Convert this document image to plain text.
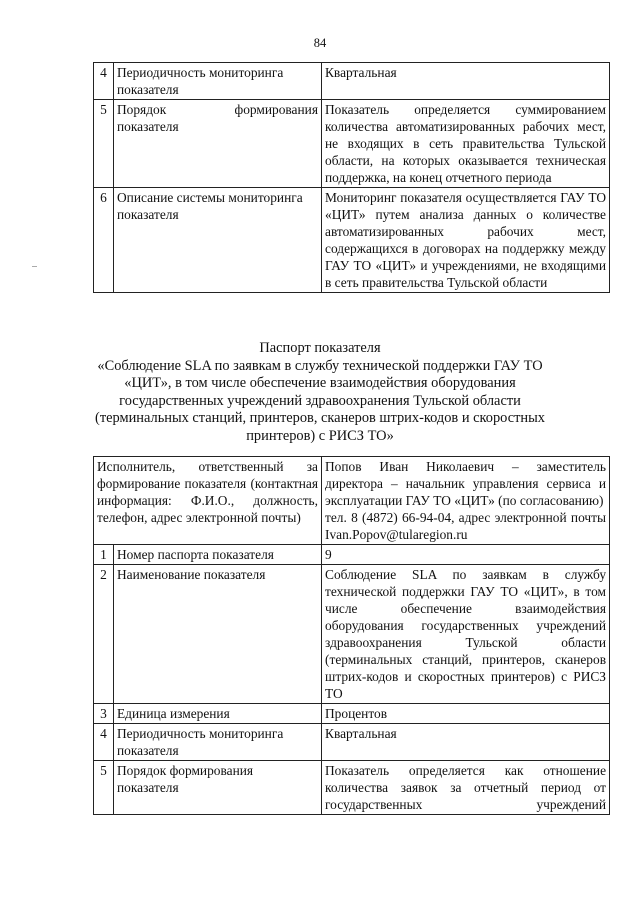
84
4	Периодичность мониторинга показателя	Квартальная
5	Порядок формирования показателя	Показатель определяется суммированием количества автоматизированных рабочих мест, не входящих в сеть правительства Тульской области, на которых оказывается техническая поддержка, на конец отчетного периода
6	Описание системы мониторинга показателя	Мониторинг показателя осуществляется ГАУ ТО «ЦИТ» путем анализа данных о количестве автоматизированных рабочих мест, содержащихся в договорах на поддержку между ГАУ ТО «ЦИТ» и учреждениями, не входящими в сеть правительства Тульской области
Паспорт показателя
«Соблюдение SLA по заявкам в службу технической поддержки ГАУ ТО «ЦИТ», в том числе обеспечение взаимодействия оборудования государственных учреждений здравоохранения Тульской области (терминальных станций, принтеров, сканеров штрих-кодов и скоростных принтеров) с РИСЗ ТО»
Исполнитель, ответственный за формирование показателя (контактная информация: Ф.И.О., должность, телефон, адрес электронной почты)		Попов Иван Николаевич – заместитель директора – начальник управления сервиса и эксплуатации ГАУ ТО «ЦИТ» (по согласованию)
тел. 8 (4872) 66-94-04, адрес электронной почты Ivan.Popov@tularegion.ru

1	Номер паспорта показателя	9
2	Наименование показателя	Соблюдение SLA по заявкам в службу технической поддержки ГАУ ТО «ЦИТ», в том числе обеспечение взаимодействия оборудования государственных учреждений здравоохранения Тульской области (терминальных станций, принтеров, сканеров штрих-кодов и скоростных принтеров) с РИСЗ ТО
3	Единица измерения	Процентов
4	Периодичность мониторинга показателя	Квартальная
5	Порядок формирования показателя	Показатель определяется как отношение количества заявок за отчетный период от государственных учреждений
